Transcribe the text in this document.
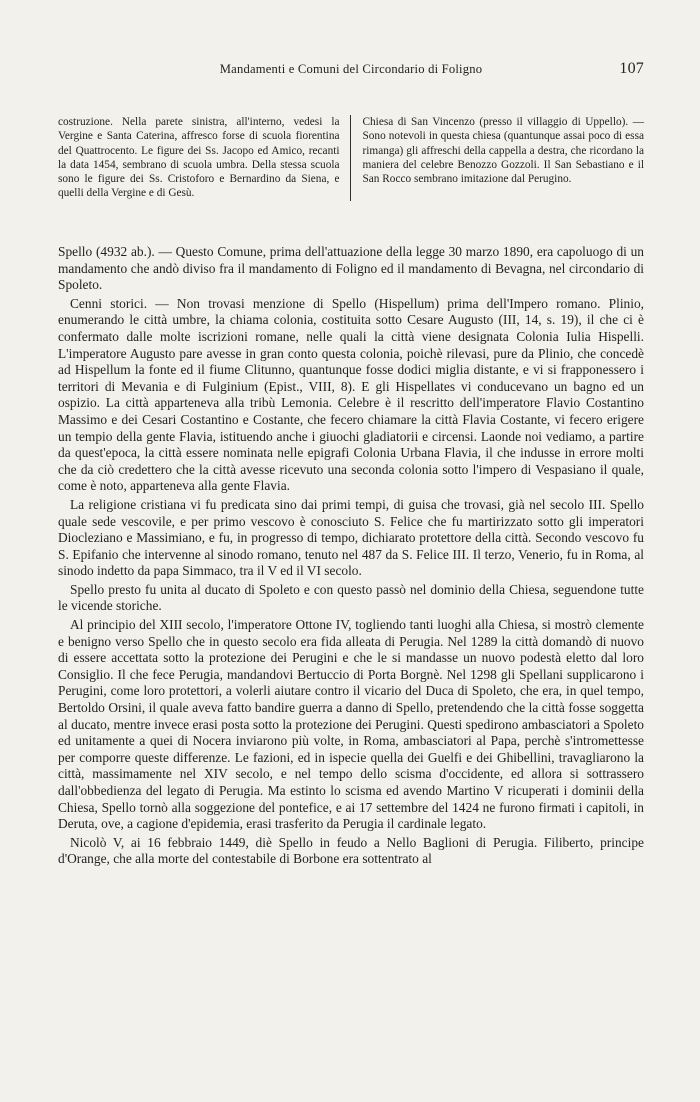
Mandamenti e Comuni del Circondario di Foligno	107
costruzione. Nella parete sinistra, all'interno, vedesi la Vergine e Santa Caterina, affresco forse di scuola fiorentina del Quattrocento. Le figure dei Ss. Jacopo ed Amico, recanti la data 1454, sembrano di scuola umbra. Della stessa scuola sono le figure dei Ss. Cristoforo e Bernardino da Siena, e quelli della Vergine e di Gesù.
Chiesa di San Vincenzo (presso il villaggio di Uppello). — Sono notevoli in questa chiesa (quantunque assai poco di essa rimanga) gli affreschi della cappella a destra, che ricordano la maniera del celebre Benozzo Gozzoli. Il San Sebastiano e il San Rocco sembrano imitazione dal Perugino.

Spello (4932 ab.). — Questo Comune, prima dell'attuazione della legge 30 marzo 1890, era capoluogo di un mandamento che andò diviso fra il mandamento di Foligno ed il mandamento di Bevagna, nel circondario di Spoleto.

Cenni storici. — Non trovasi menzione di Spello (Hispellum) prima dell'Impero romano. Plinio, enumerando le città umbre, la chiama colonia, costituita sotto Cesare Augusto (III, 14, s. 19), il che ci è confermato dalle molte iscrizioni romane, nelle quali la città viene designata Colonia Iulia Hispelli. L'imperatore Augusto pare avesse in gran conto questa colonia, poichè rilevasi, pure da Plinio, che concedè ad Hispellum la fonte ed il fiume Clitunno, quantunque fosse dodici miglia distante, e vi si frapponessero i territori di Mevania e di Fulginium (Epist., VIII, 8). E gli Hispellates vi conducevano un bagno ed un ospizio. La città apparteneva alla tribù Lemonia. Celebre è il rescritto dell'imperatore Flavio Costantino Massimo e dei Cesari Costantino e Costante, che fecero chiamare la città Flavia Costante, vi fecero erigere un tempio della gente Flavia, istituendo anche i giuochi gladiatorii e circensi. Laonde noi vediamo, a partire da quest'epoca, la città essere nominata nelle epigrafi Colonia Urbana Flavia, il che indusse in errore molti che da ciò credettero che la città avesse ricevuto una seconda colonia sotto l'impero di Vespasiano il quale, come è noto, apparteneva alla gente Flavia.

La religione cristiana vi fu predicata sino dai primi tempi, di guisa che trovasi, già nel secolo III. Spello quale sede vescovile, e per primo vescovo è conosciuto S. Felice che fu martirizzato sotto gli imperatori Diocleziano e Massimiano, e fu, in progresso di tempo, dichiarato protettore della città. Secondo vescovo fu S. Epifanio che intervenne al sinodo romano, tenuto nel 487 da S. Felice III. Il terzo, Venerio, fu in Roma, al sinodo indetto da papa Simmaco, tra il V ed il VI secolo.

Spello presto fu unita al ducato di Spoleto e con questo passò nel dominio della Chiesa, seguendone tutte le vicende storiche.

Al principio del XIII secolo, l'imperatore Ottone IV, togliendo tanti luoghi alla Chiesa, si mostrò clemente e benigno verso Spello che in questo secolo era fida alleata di Perugia. Nel 1289 la città domandò di nuovo di essere accettata sotto la protezione dei Perugini e che le si mandasse un nuovo podestà eletto dal loro Consiglio. Il che fece Perugia, mandandovi Bertuccio di Porta Borgnè. Nel 1298 gli Spellani supplicarono i Perugini, come loro protettori, a volerli aiutare contro il vicario del Duca di Spoleto, che era, in quel tempo, Bertoldo Orsini, il quale aveva fatto bandire guerra a danno di Spello, pretendendo che la città fosse soggetta al ducato, mentre invece erasi posta sotto la protezione dei Perugini. Questi spedirono ambasciatori a Spoleto ed unitamente a quei di Nocera inviarono più volte, in Roma, ambasciatori al Papa, perchè s'intromettesse per comporre queste differenze. Le fazioni, ed in ispecie quella dei Guelfi e dei Ghibellini, travagliarono la città, massimamente nel XIV secolo, e nel tempo dello scisma d'occidente, ed allora si sottrassero dall'obbedienza del legato di Perugia. Ma estinto lo scisma ed avendo Martino V ricuperati i dominii della Chiesa, Spello tornò alla soggezione del pontefice, e ai 17 settembre del 1424 ne furono firmati i capitoli, in Deruta, ove, a cagione d'epidemia, erasi trasferito da Perugia il cardinale legato.

Nicolò V, ai 16 febbraio 1449, diè Spello in feudo a Nello Baglioni di Perugia. Filiberto, principe d'Orange, che alla morte del contestabile di Borbone era sottentrato al
